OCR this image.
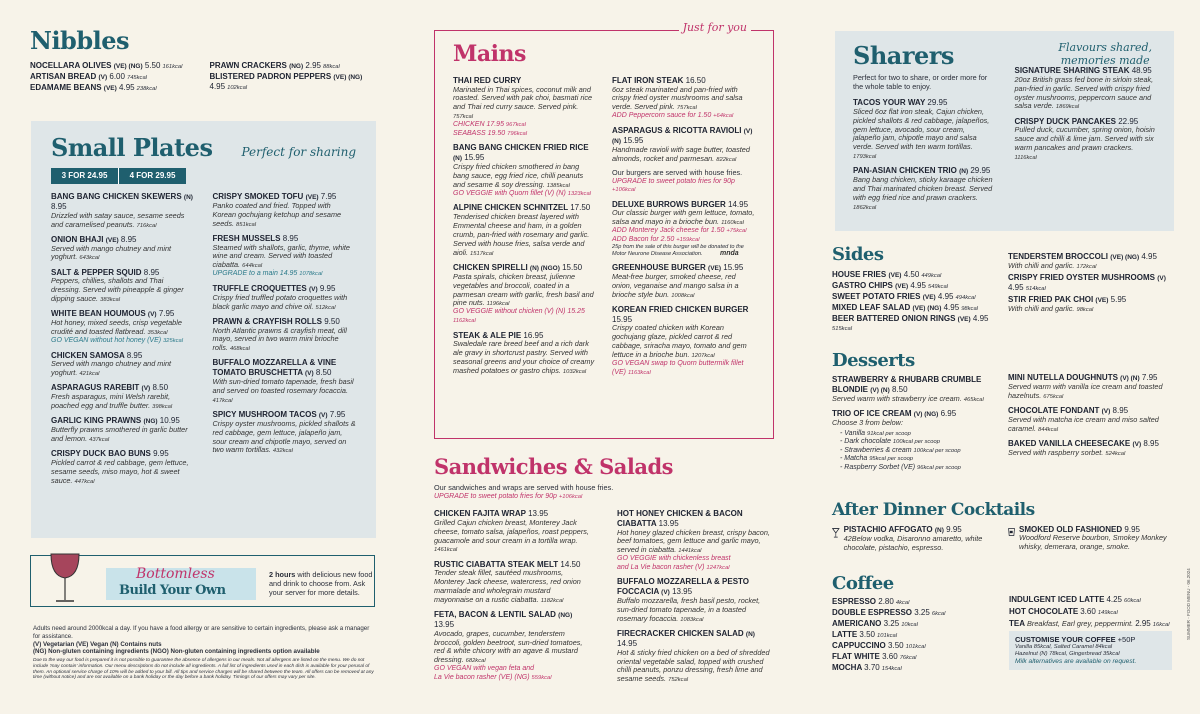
Nibbles
NOCELLARA OLIVES (VE) (NG) 5.50 161kcal
ARTISAN BREAD (V) 6.00 745kcal
EDAMAME BEANS (VE) 4.95 238kcal
PRAWN CRACKERS (NG) 2.95 88kcal
BLISTERED PADRON PEPPERS (VE) (NG) 4.95 102kcal
Small Plates Perfect for sharing
3 FOR 24.95	4 FOR 29.95
BANG BANG CHICKEN SKEWERS (N) 8.95
Drizzled with satay sauce, sesame seeds and caramelised peanuts. 716kcal
ONION BHAJI (VE) 8.95
Served with mango chutney and mint yoghurt. 643kcal
SALT & PEPPER SQUID 8.95
Peppers, chillies, shallots and Thai dressing. Served with pineapple & ginger dipping sauce. 383kcal
WHITE BEAN HOUMOUS (V) 7.95
Hot honey, mixed seeds, crisp vegetable crudité and toasted flatbread. 353kcal
GO VEGAN without hot honey (VE) 325kcal
CHICKEN SAMOSA 8.95
Served with mango chutney and mint yoghurt. 421kcal
ASPARAGUS RAREBIT (V) 8.50
Fresh asparagus, mini Welsh rarebit, poached egg and truffle butter. 398kcal
GARLIC KING PRAWNS (NG) 10.95
Butterfly prawns smothered in garlic butter and lemon. 437kcal
CRISPY DUCK BAO BUNS 9.95
Pickled carrot & red cabbage, gem lettuce, sesame seeds, miso mayo, hot & sweet sauce. 447kcal
CRISPY SMOKED TOFU (VE) 7.95
Panko coated and fried. Topped with Korean gochujang ketchup and sesame seeds. 851kcal
FRESH MUSSELS 8.95
Steamed with shallots, garlic, thyme, white wine and cream. Served with toasted ciabatta. 644kcal
UPGRADE to a main 14.95 1078kcal
TRUFFLE CROQUETTES (V) 9.95
Crispy fried truffled potato croquettes with black garlic mayo and chive oil. 512kcal
PRAWN & CRAYFISH ROLLS 9.50
North Atlantic prawns & crayfish meat, dill mayo, served in two warm mini brioche rolls. 468kcal
BUFFALO MOZZARELLA & VINE TOMATO BRUSCHETTA (V) 8.50
With sun-dried tomato tapenade, fresh basil and served on toasted rosemary focaccia. 417kcal
SPICY MUSHROOM TACOS (V) 7.95
Crispy oyster mushrooms, pickled shallots & red cabbage, gem lettuce, jalapeño jam, sour cream and chipotle mayo, served on two warm tortillas. 432kcal
Bottomless
Build Your Own
2 hours with delicious new food and drink to choose from. Ask your server for more details.
Adults need around 2000kcal a day. If you have a food allergy or are sensitive to certain ingredients, please ask a manager for assistance.
(V) Vegetarian (VE) Vegan (N) Contains nuts
(NG) Non-gluten containing ingredients (NGO) Non-gluten containing ingredients option available
Due to the way our food is prepared it is not possible to guarantee the absence of allergens in our meals. Not all allergens are listed on the menu. We do not include 'may contain' information. Our menu descriptions do not include all ingredients. A full list of ingredients used in each dish is available for your perusal of them. An optional service charge of 10% will be added to your bill. All tips and service charges will be shared between the team. All offers can be removed at any time (without notice) and are not available on a bank holiday or the day before a bank holiday. Timings of our offers may vary per site.
Just for you
Mains
THAI RED CURRY
Marinated in Thai spices, coconut milk and roasted. Served with pak choi, basmati rice and Thai red curry sauce. Served pink. 757kcal
CHICKEN 17.95 967kcal
SEABASS 19.50 796kcal
BANG BANG CHICKEN FRIED RICE (N) 15.95
Crispy fried chicken smothered in bang bang sauce, egg fried rice, chilli peanuts and sesame & soy dressing. 1385kcal
GO VEGGIE with Quorn fillet (V) (N) 1323kcal
ALPINE CHICKEN SCHNITZEL 17.50
Tenderised chicken breast layered with Emmental cheese and ham, in a golden crumb, pan-fried with rosemary and garlic. Served with house fries, salsa verde and aioli. 1517kcal
CHICKEN SPIRELLI (N) (NGO) 15.50
Pasta spirals, chicken breast, julienne vegetables and broccoli, coated in a parmesan cream with garlic, fresh basil and pine nuts. 1196kcal
GO VEGGIE without chicken (V) (N) 15.25 1162kcal
STEAK & ALE PIE 16.95
Swaledale rare breed beef and a rich dark ale gravy in shortcrust pastry. Served with seasonal greens and your choice of creamy mashed potatoes or gastro chips. 1032kcal
FLAT IRON STEAK 16.50
6oz steak marinated and pan-fried with crispy fried oyster mushrooms and salsa verde. Served pink. 757kcal
ADD Peppercorn sauce for 1.50 +64kcal
ASPARAGUS & RICOTTA RAVIOLI (V) (N) 15.95
Handmade ravioli with sage butter, toasted almonds, rocket and parmesan. 822kcal
Our burgers are served with house fries.
UPGRADE to sweet potato fries for 90p +106kcal
mnda
DELUXE BURROWS BURGER 14.95
Our classic burger with gem lettuce, tomato, salsa and mayo in a brioche bun. 1160kcal
ADD Monterey Jack cheese for 1.50 +75kcal
ADD Bacon for 2.50 +159kcal
25p from the sale of this burger will be donated to the Motor Neurone Disease Association.
GREENHOUSE BURGER (VE) 15.95
Meat-free burger, smoked cheese, red onion, veganaise and mango salsa in a brioche style bun. 1008kcal
KOREAN FRIED CHICKEN BURGER 15.95
Crispy coated chicken with Korean gochujang glaze, pickled carrot & red cabbage, sriracha mayo, tomato and gem lettuce in a brioche bun. 1207kcal
GO VEGAN swap to Quorn buttermilk fillet (VE) 1163kcal
Sandwiches & Salads
Our sandwiches and wraps are served with house fries.
UPGRADE to sweet potato fries for 90p +106kcal
CHICKEN FAJITA WRAP 13.95
Grilled Cajun chicken breast, Monterey Jack cheese, tomato salsa, jalapeños, roast peppers, guacamole and sour cream in a tortilla wrap. 1461kcal
RUSTIC CIABATTA STEAK MELT 14.50
Tender steak fillet, sautéed mushrooms, Monterey Jack cheese, watercress, red onion marmalade and wholegrain mustard mayonnaise on a rustic ciabatta. 1182kcal
FETA, BACON & LENTIL SALAD (NG) 13.95
Avocado, grapes, cucumber, tenderstem broccoli, golden beetroot, sun-dried tomatoes, red & white chicory with an agave & mustard dressing. 682kcal
GO VEGAN with vegan feta and
La Vie bacon rasher (VE) (NG) 559kcal
HOT HONEY CHICKEN & BACON CIABATTA 13.95
Hot honey glazed chicken breast, crispy bacon, beef tomatoes, gem lettuce and garlic mayo, served in ciabatta. 1441kcal
GO VEGGIE with chickenless breast
and La Vie bacon rasher (V) 1247kcal
BUFFALO MOZZARELLA & PESTO FOCCACIA (V) 13.95
Buffalo mozzarella, fresh basil pesto, rocket, sun-dried tomato tapenade, in a toasted rosemary focaccia. 1083kcal
FIRECRACKER CHICKEN SALAD (N) 14.95
Hot & sticky fried chicken on a bed of shredded oriental vegetable salad, topped with crushed chilli peanuts, ponzu dressing, fresh lime and sesame seeds. 752kcal
Sharers	Flavours shared,
memories made
Perfect for two to share, or order more for the whole table to enjoy.
TACOS YOUR WAY 29.95
Sliced 6oz flat iron steak, Cajun chicken, pickled shallots & red cabbage, jalapeños, gem lettuce, avocado, sour cream, jalapeño jam, chipotle mayo and salsa verde. Served with ten warm tortillas. 1793kcal
PAN-ASIAN CHICKEN TRIO (N) 29.95
Bang bang chicken, sticky karaage chicken and Thai marinated chicken breast. Served with egg fried rice and prawn crackers. 1862kcal
SIGNATURE SHARING STEAK 48.95
20oz British grass fed bone in sirloin steak, pan-fried in garlic. Served with crispy fried oyster mushrooms, peppercorn sauce and salsa verde. 1869kcal
CRISPY DUCK PANCAKES 22.95
Pulled duck, cucumber, spring onion, hoisin sauce and chilli & lime jam. Served with six warm pancakes and prawn crackers. 1116kcal
Sides
HOUSE FRIES (VE) 4.50 449kcal
GASTRO CHIPS (VE) 4.95 549kcal
SWEET POTATO FRIES (VE) 4.95 494kcal
MIXED LEAF SALAD (VE) (NG) 4.95 98kcal
BEER BATTERED ONION RINGS (VE) 4.95 515kcal
TENDERSTEM BROCCOLI (VE) (NG) 4.95
With chilli and garlic. 172kcal
CRISPY FRIED OYSTER MUSHROOMS (V) 4.95 514kcal
STIR FRIED PAK CHOI (VE) 5.95
With chilli and garlic. 98kcal
Desserts
STRAWBERRY & RHUBARB CRUMBLE BLONDIE (V) (N) 8.50
Served warm with strawberry ice cream. 465kcal
TRIO OF ICE CREAM (V) (NG) 6.95
Choose 3 from below:
- Vanilla 91kcal per scoop
- Dark chocolate 100kcal per scoop
- Strawberries & cream 100kcal per scoop
- Matcha 95kcal per scoop
- Raspberry Sorbet (VE) 96kcal per scoop
MINI NUTELLA DOUGHNUTS (V) (N) 7.95
Served warm with vanilla ice cream and toasted hazelnuts. 675kcal
CHOCOLATE FONDANT (V) 8.95
Served with matcha ice cream and miso salted caramel. 844kcal
BAKED VANILLA CHEESECAKE (V) 8.95
Served with raspberry sorbet. 524kcal
After Dinner Cocktails
PISTACHIO AFFOGATO (N) 9.95
42Below vodka, Disaronno amaretto, white chocolate, pistachio, espresso.
SMOKED OLD FASHIONED 9.95
Woodford Reserve bourbon, Smokey Monkey whisky, demerara, orange, smoke.
Coffee
ESPRESSO 2.80 4kcal
DOUBLE ESPRESSO 3.25 6kcal
AMERICANO 3.25 10kcal
LATTE 3.50 101kcal
CAPPUCCINO 3.50 101kcal
FLAT WHITE 3.60 76kcal
MOCHA 3.70 154kcal
INDULGENT ICED LATTE 4.25 60kcal
HOT CHOCOLATE 3.60 149kcal
TEA Breakfast, Earl grey, peppermint. 2.95 16kcal
CUSTOMISE YOUR COFFEE +50P
Vanilla 85kcal, Salted Caramel 84kcal
Hazelnut (N) 78kcal, Gingerbread 35kcal
Milk alternatives are available on request.
SUMMER - FOOD MENU - 06.2024
